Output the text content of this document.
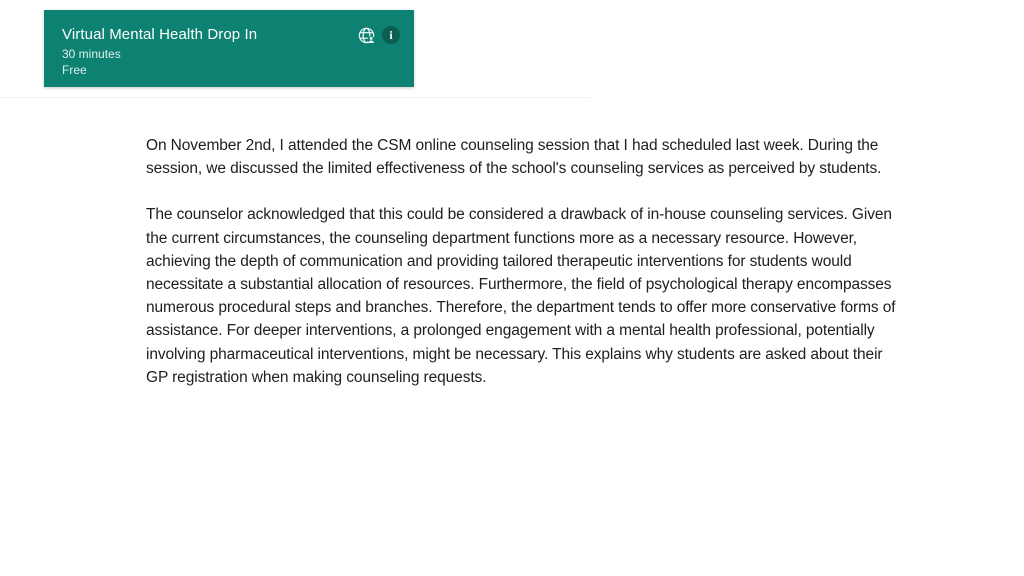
Virtual Mental Health Drop In
30 minutes
Free
i

On November 2nd, I attended the CSM online counseling session that I had scheduled last week. During the session, we discussed the limited effectiveness of the school's counseling services as perceived by students.

The counselor acknowledged that this could be considered a drawback of in-house counseling services. Given the current circumstances, the counseling department functions more as a necessary resource. However, achieving the depth of communication and providing tailored therapeutic interventions for students would necessitate a substantial allocation of resources. Furthermore, the field of psychological therapy encompasses numerous procedural steps and branches. Therefore, the department tends to offer more conservative forms of assistance. For deeper interventions, a prolonged engagement with a mental health professional, potentially involving pharmaceutical interventions, might be necessary. This explains why students are asked about their GP registration when making counseling requests.
